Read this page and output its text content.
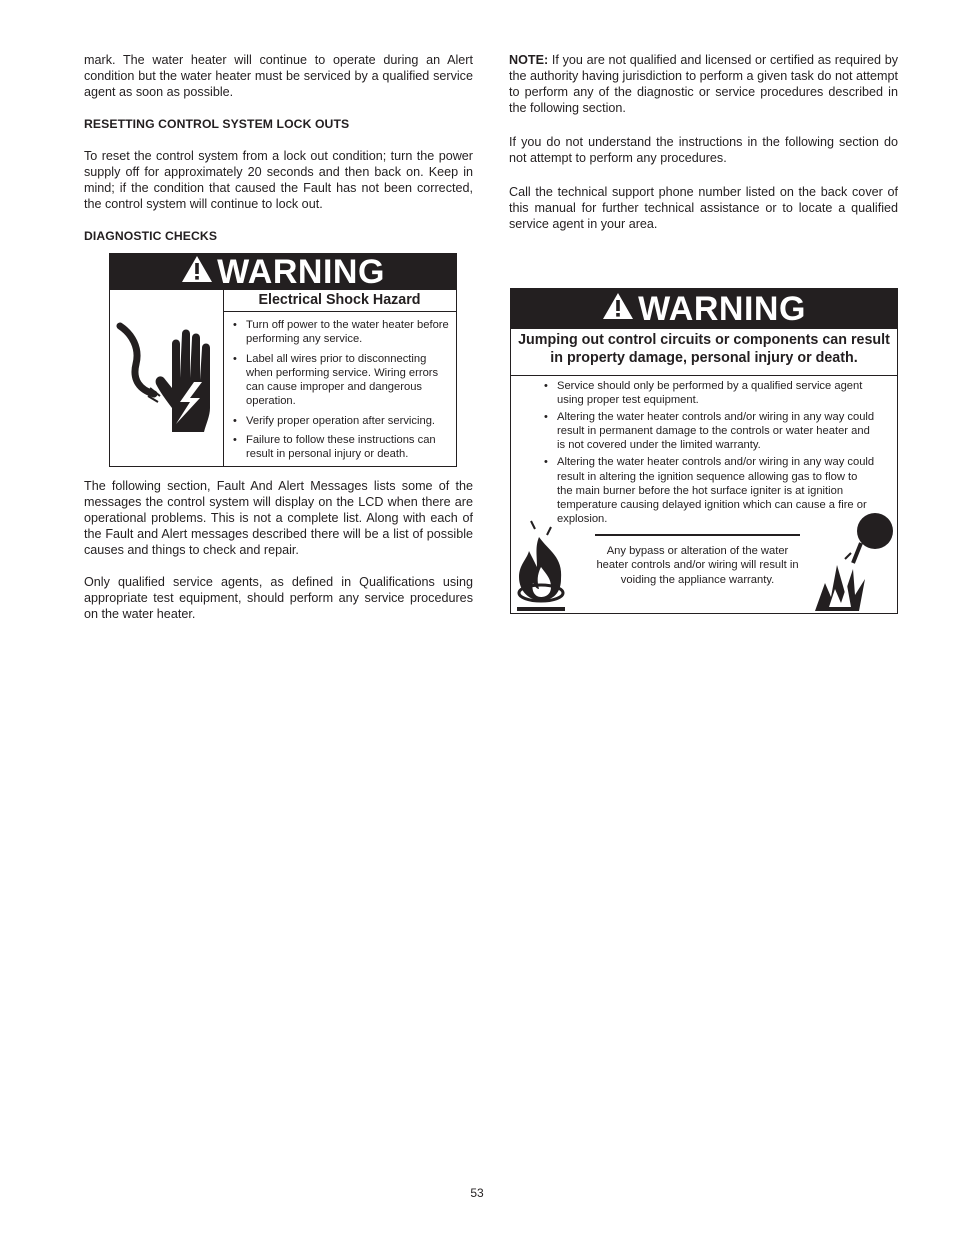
mark. The water heater will continue to operate during an Alert condition but the water heater must be serviced by a qualified service agent as soon as possible.

RESETTING CONTROL SYSTEM LOCK OUTS

To reset the control system from a lock out condition; turn the power supply off for approximately 20 seconds and then back on. Keep in mind; if the condition that caused the Fault has not been corrected, the control system will continue to lock out.

DIAGNOSTIC CHECKS

The following section, Fault And Alert Messages lists some of the messages the control system will display on the LCD when there are operational problems. This is not a complete list. Along with each of the Fault and Alert messages described there will be a list of possible causes and things to check and repair.

Only qualified service agents, as defined in Qualifications using appropriate test equipment, should perform any service procedures on the water heater.

WARNING
Electrical Shock Hazard
• Turn off power to the water heater before performing any service.
• Label all wires prior to disconnecting when performing service. Wiring errors can cause improper and dangerous operation.
• Verify proper operation after servicing.
• Failure to follow these instructions can result in personal injury or death.

NOTE: If you are not qualified and licensed or certified as required by the authority having jurisdiction to perform a given task do not attempt to perform any of the diagnostic or service procedures described in the following section.

If you do not understand the instructions in the following section do not attempt to perform any procedures.

Call the technical support phone number listed on the back cover of this manual for further technical assistance or to locate a qualified service agent in your area.

WARNING
Jumping out control circuits or components can result in property damage, personal injury or death.
• Service should only be performed by a qualified service agent using proper test equipment.
• Altering the water heater controls and/or wiring in any way could result in permanent damage to the controls or water heater and is not covered under the limited warranty.
• Altering the water heater controls and/or wiring in any way could result in altering the ignition sequence allowing gas to flow to the main burner before the hot surface igniter is at ignition temperature causing delayed ignition which can cause a fire or explosion.
Any bypass or alteration of the water heater controls and/or wiring will result in voiding the appliance warranty.
53
